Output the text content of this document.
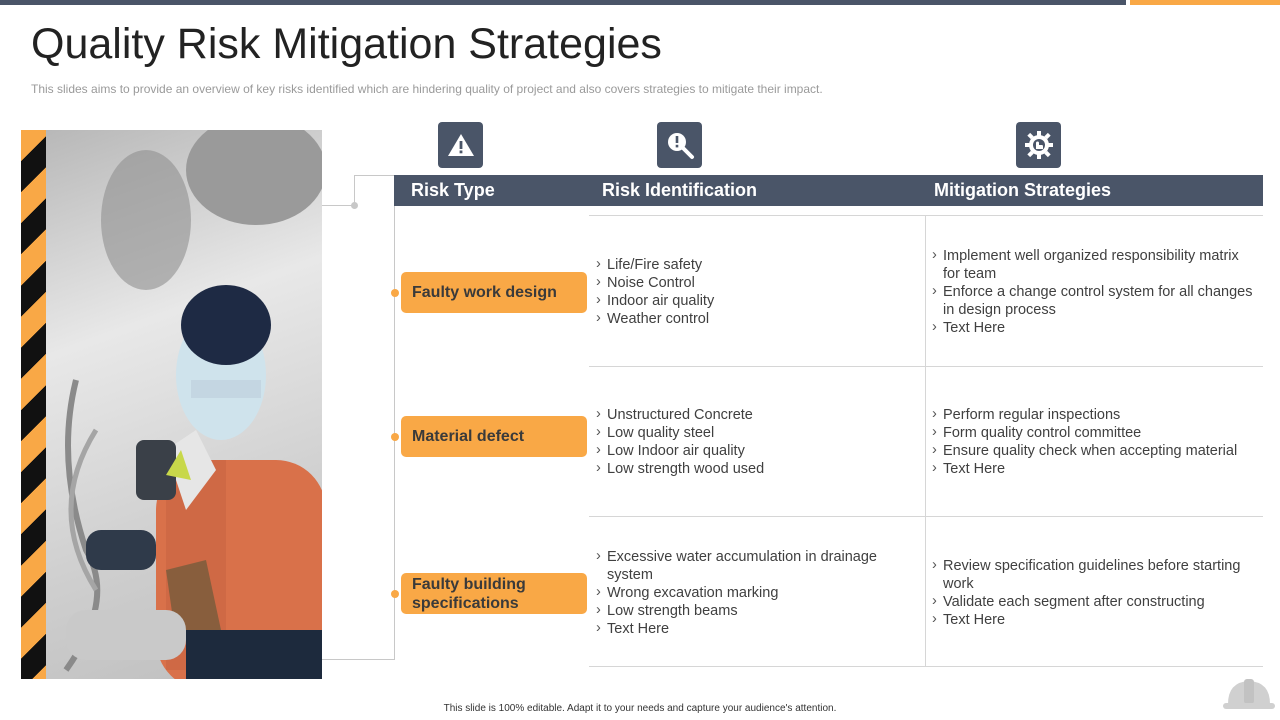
Quality Risk Mitigation Strategies
This slides aims to provide an overview of key risks identified which are hindering quality of project and also covers strategies to mitigate their impact.
Risk Type	Risk Identification	Mitigation Strategies
Faulty work design
› Life/Fire safety
› Noise Control
› Indoor air quality
› Weather control
› Implement well organized responsibility matrix for team
› Enforce a change control system for all changes in design process
› Text Here
Material defect
› Unstructured Concrete
› Low quality steel
› Low Indoor air quality
› Low strength wood used
› Perform regular inspections
› Form quality control committee
› Ensure quality check when accepting material
› Text Here
Faulty building specifications
› Excessive water accumulation in drainage system
› Wrong excavation marking
› Low strength beams
› Text Here
› Review specification guidelines before starting work
› Validate each segment after constructing
› Text Here
This slide is 100% editable. Adapt it to your needs and capture your audience's attention.
